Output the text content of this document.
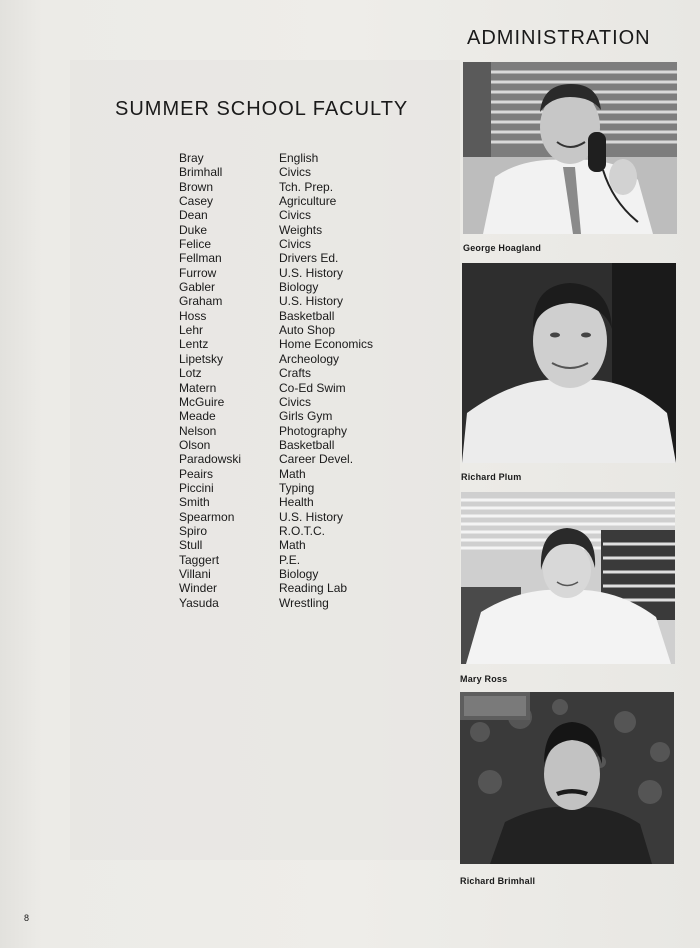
ADMINISTRATION
SUMMER SCHOOL FACULTY
Bray	English
Brimhall	Civics
Brown	Tch. Prep.
Casey	Agriculture
Dean	Civics
Duke	Weights
Felice	Civics
Fellman	Drivers Ed.
Furrow	U.S. History
Gabler	Biology
Graham	U.S. History
Hoss	Basketball
Lehr	Auto Shop
Lentz	Home Economics
Lipetsky	Archeology
Lotz	Crafts
Matern	Co-Ed Swim
McGuire	Civics
Meade	Girls Gym
Nelson	Photography
Olson	Basketball
Paradowski	Career Devel.
Peairs	Math
Piccini	Typing
Smith	Health
Spearmon	U.S. History
Spiro	R.O.T.C.
Stull	Math
Taggert	P.E.
Villani	Biology
Winder	Reading Lab
Yasuda	Wrestling
George Hoagland
Richard Plum
Mary Ross
Richard Brimhall
8
